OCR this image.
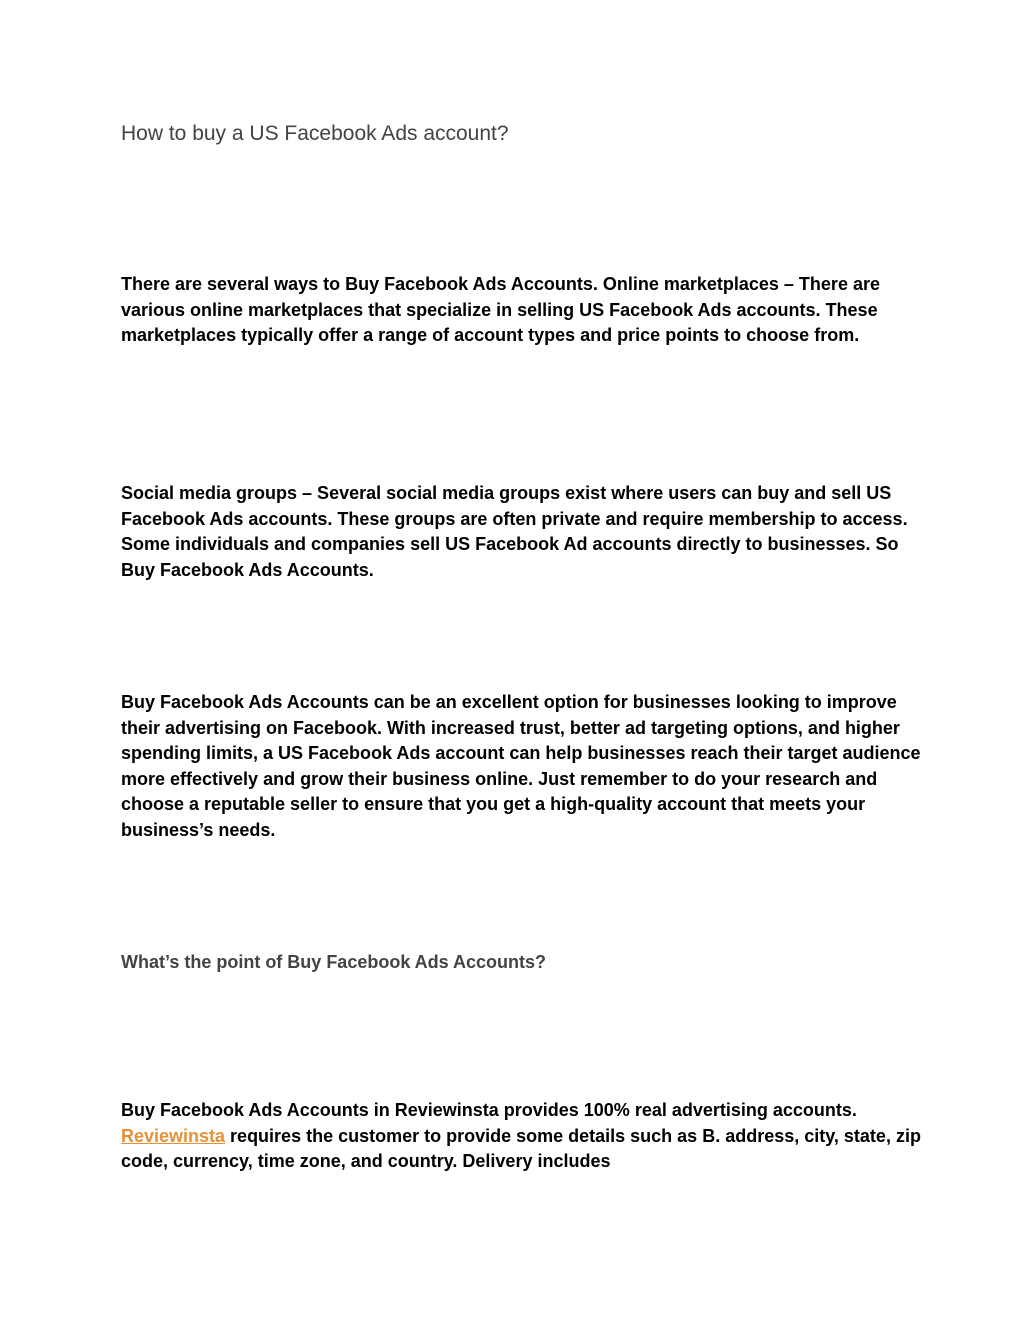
How to buy a US Facebook Ads account?

There are several ways to Buy Facebook Ads Accounts. Online marketplaces – There are various online marketplaces that specialize in selling US Facebook Ads accounts. These marketplaces typically offer a range of account types and price points to choose from.

Social media groups – Several social media groups exist where users can buy and sell US Facebook Ads accounts. These groups are often private and require membership to access. Some individuals and companies sell US Facebook Ad accounts directly to businesses. So Buy Facebook Ads Accounts.

Buy Facebook Ads Accounts can be an excellent option for businesses looking to improve their advertising on Facebook. With increased trust, better ad targeting options, and higher spending limits, a US Facebook Ads account can help businesses reach their target audience more effectively and grow their business online. Just remember to do your research and choose a reputable seller to ensure that you get a high-quality account that meets your business’s needs.

What’s the point of Buy Facebook Ads Accounts?

Buy Facebook Ads Accounts in Reviewinsta provides 100% real advertising accounts. Reviewinsta requires the customer to provide some details such as B. address, city, state, zip code, currency, time zone, and country. Delivery includes
